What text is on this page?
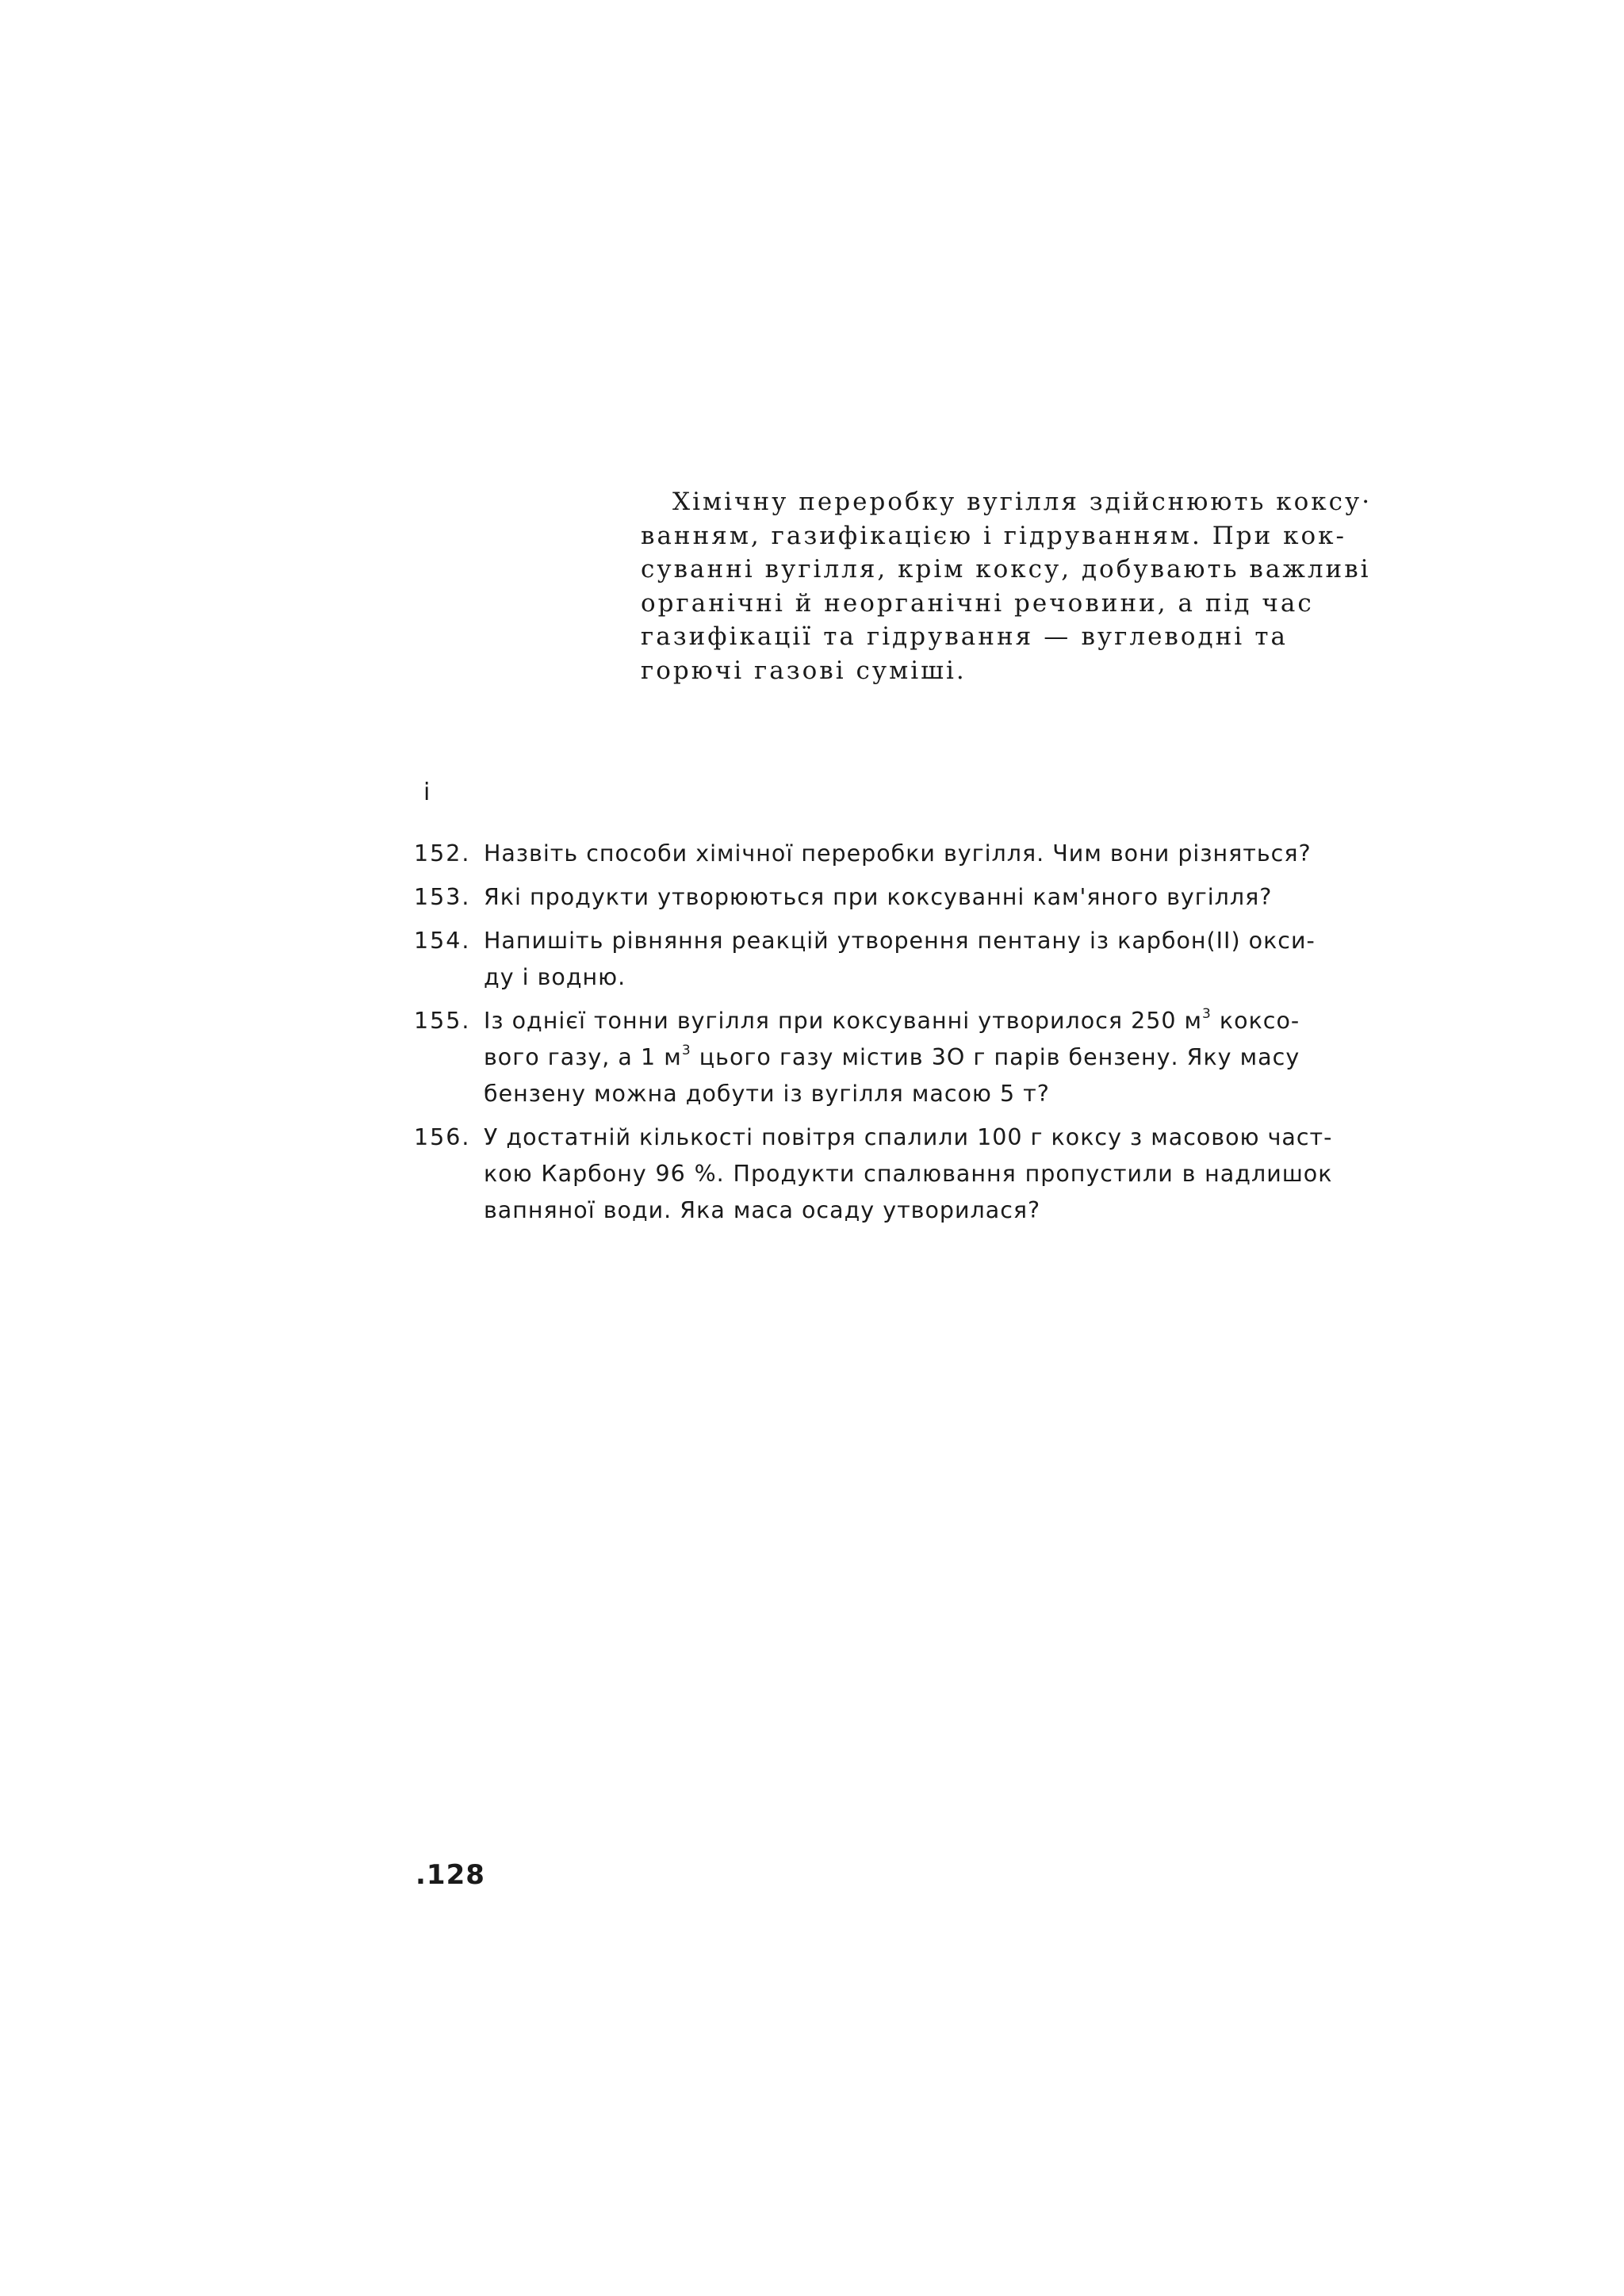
Хімічну переробку вугілля здійснюють коксу·
ванням, газифікацією і гідруванням. При кок-
суванні вугілля, крім коксу, добувають важливі
органічні й неорганічні речовини, а під час
газифікації та гідрування — вуглеводні та
горючі газові суміші.
і
152. Назвіть способи хімічної переробки вугілля. Чим вони різняться?
153. Які продукти утворюються при коксуванні кам'яного вугілля?
154. Напишіть рівняння реакцій утворення пентану із карбон(II) окси-
ду і водню.
155. Із однієї тонни вугілля при коксуванні утворилося 250 $м^3$ коксо-
вого газу, а 1 $м^3$ цього газу містив 3О г парів бензену. Яку масу
бензену можна добути із вугілля масою 5 т?
156. У достатній кількості повітря спалили 100 г коксу з масовою част-
кою Карбону 96 %. Продукти спалювання пропустили в надлишок
вапняної води. Яка маса осаду утворилася?
.128
